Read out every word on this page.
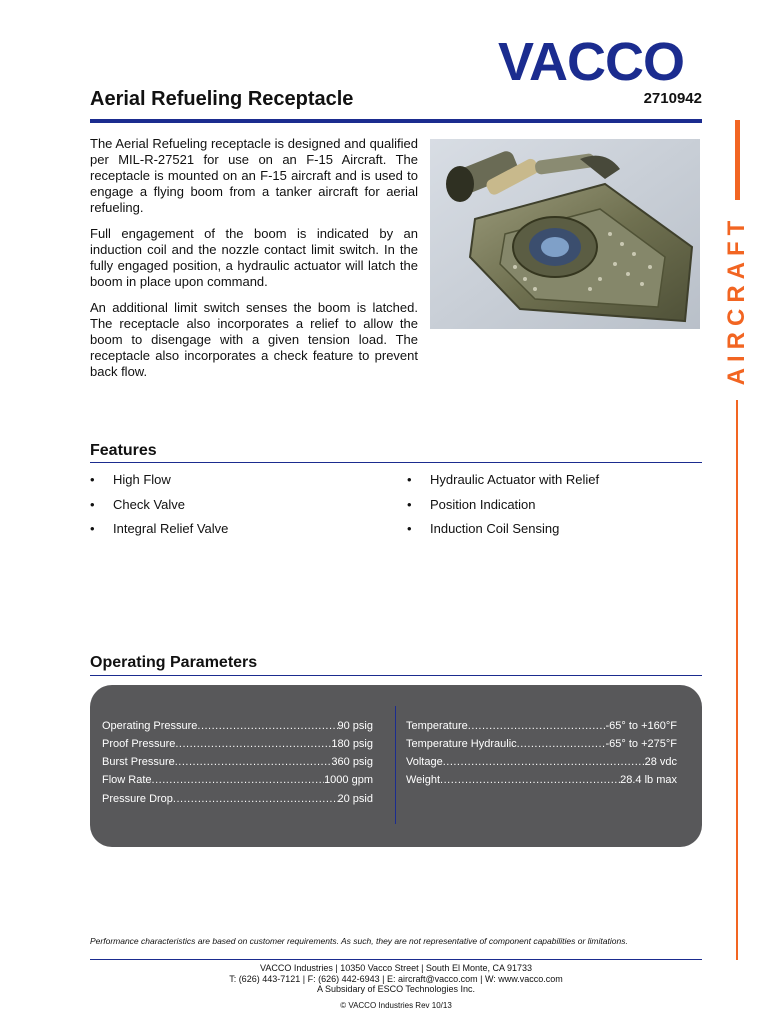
VACCO
2710942
Aerial Refueling Receptacle
AIRCRAFT

The Aerial Refueling receptacle is designed and qualified per MIL-R-27521 for use on an F-15 Aircraft. The receptacle is mounted on an F-15 aircraft and is used to engage a flying boom from a tanker aircraft for aerial refueling.

Full engagement of the boom is indicated by an induction coil and the nozzle contact limit switch. In the fully engaged position, a hydraulic actuator will latch the boom in place upon command.

An additional limit switch senses the boom is latched. The receptacle also incorporates a relief to allow the boom to disengage with a given tension load. The receptacle also incorporates a check feature to prevent back flow.

Features
• High Flow
• Check Valve
• Integral Relief Valve
• Hydraulic Actuator with Relief
• Position Indication
• Induction Coil Sensing
Operating Parameters
Operating Pressure .....	90 psig
Proof Pressure .....	180 psig
Burst Pressure .....	360 psig
Flow Rate .....	1000 gpm
Pressure Drop .....	20 psid
Temperature .....	-65° to +160°F
Temperature Hydraulic .....	-65° to +275°F
Voltage .....	28 vdc
Weight .....	28.4 lb max
Performance characteristics are based on customer requirements. As such, they are not representative of component capabilities or limitations.
VACCO Industries | 10350 Vacco Street | South El Monte, CA 91733
T: (626) 443-7121 | F: (626) 442-6943 | E: aircraft@vacco.com | W: www.vacco.com
A Subsidary of ESCO Technologies Inc.
© VACCO Industries Rev 10/13
